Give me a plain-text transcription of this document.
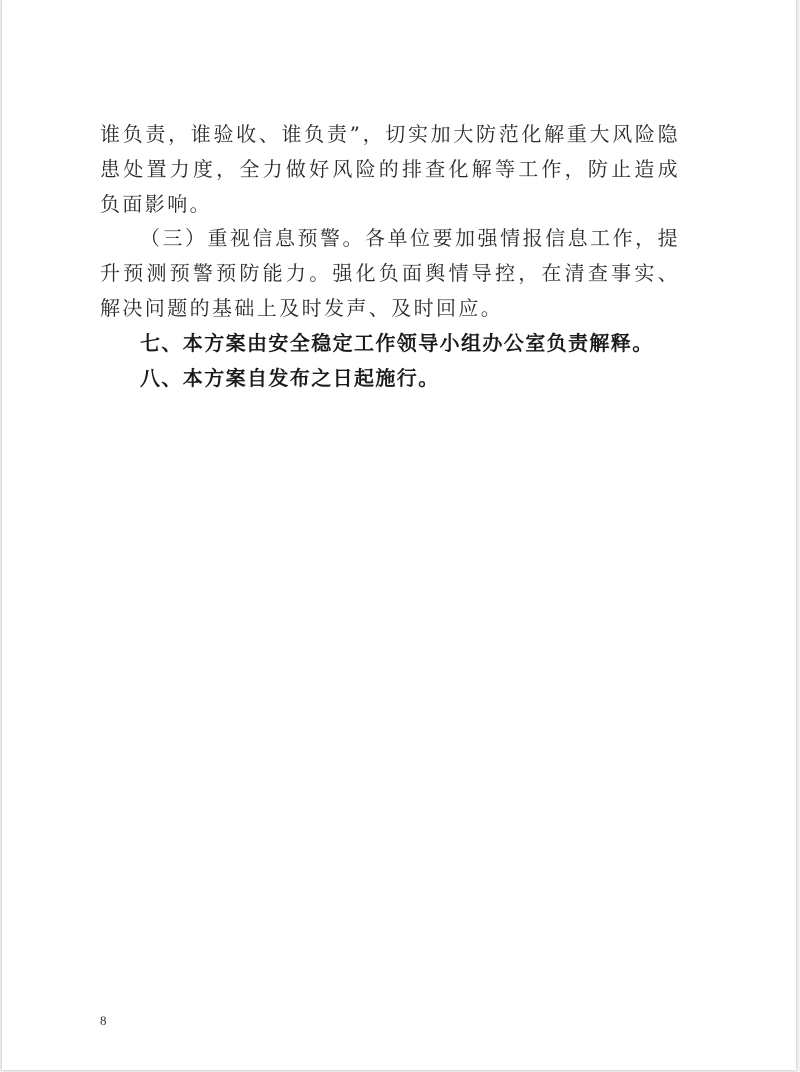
谁负责，谁验收、谁负责”，切实加大防范化解重大风险隐患处置力度，全力做好风险的排查化解等工作，防止造成负面影响。

（三）重视信息预警。各单位要加强情报信息工作，提升预测预警预防能力。强化负面舆情导控，在清查事实、解决问题的基础上及时发声、及时回应。

七、本方案由安全稳定工作领导小组办公室负责解释。

八、本方案自发布之日起施行。

8
